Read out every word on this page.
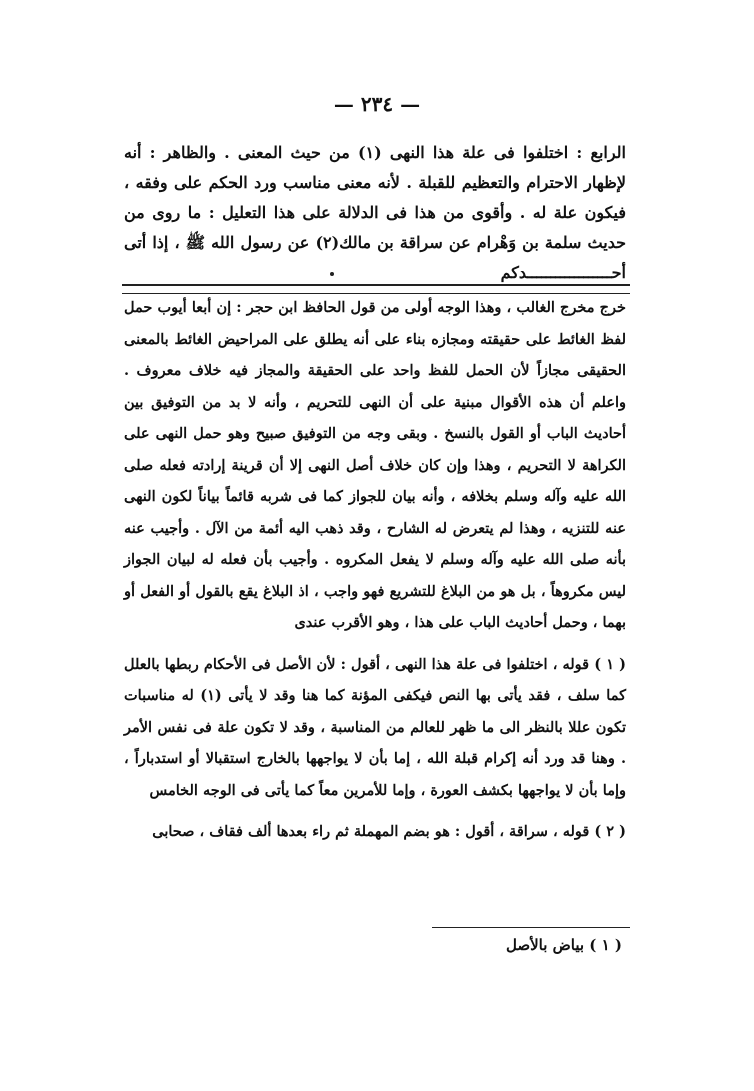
— ٢٣٤ —

الرابع : اختلفوا فى علة هذا النهى (١) من حيث المعنى . والظاهر : أنه لإظهار الاحترام والتعظيم للقبلة . لأنه معنى مناسب ورد الحكم على وفقه ، فيكون علة له . وأقوى من هذا فى الدلالة على هذا التعليل : ما روى من حديث سلمة بن وَهْرام عن سراقة بن مالك(٢) عن رسول الله ﷺ ، إذا أتى أحــــــــــــــــــدكم

خرج مخرج الغالب ، وهذا الوجه أولى من قول الحافظ ابن حجر : إن أبعا أيوب حمل لفظ الغائط على حقيقته ومجازه بناء على أنه يطلق على المراحيض الغائط بالمعنى الحقيقى مجازاً لأن الحمل للفظ واحد على الحقيقة والمجاز فيه خلاف معروف . واعلم أن هذه الأقوال مبنية على أن النهى للتحريم ، وأنه لا بد من التوفيق بين أحاديث الباب أو القول بالنسخ . وبقى وجه من التوفيق صبيح وهو حمل النهى على الكراهة لا التحريم ، وهذا وإن كان خلاف أصل النهى إلا أن قرينة إرادته فعله صلى الله عليه وآله وسلم بخلافه ، وأنه بيان للجواز كما فى شربه قائماً بياناً لكون النهى عنه للتنزيه ، وهذا لم يتعرض له الشارح ، وقد ذهب اليه أئمة من الآل . وأجيب عنه بأنه صلى الله عليه وآله وسلم لا يفعل المكروه . وأجيب بأن فعله له لبيان الجواز ليس مكروهاً ، بل هو من البلاغ للتشريع فهو واجب ، اذ البلاغ يقع بالقول أو الفعل أو بهما ، وحمل أحاديث الباب على هذا ، وهو الأقرب عندى

( ١ ) قوله ، اختلفوا فى علة هذا النهى ، أقول : لأن الأصل فى الأحكام ربطها بالعلل كما سلف ، فقد يأتى بها النص فيكفى المؤنة كما هنا وقد لا يأتى (١) له مناسبات تكون عللا بالنظر الى ما ظهر للعالم من المناسبة ، وقد لا تكون علة فى نفس الأمر . وهنا قد ورد أنه إكرام قبلة الله ، إما بأن لا يواجهها بالخارج استقبالا أو استدباراً ، وإما بأن لا يواجهها بكشف العورة ، وإما للأمرين معاً كما يأتى فى الوجه الخامس

( ٢ ) قوله ، سراقة ، أقول : هو بضم المهملة ثم راء بعدها ألف فقاف ، صحابى

( ١ ) بياض بالأصل
